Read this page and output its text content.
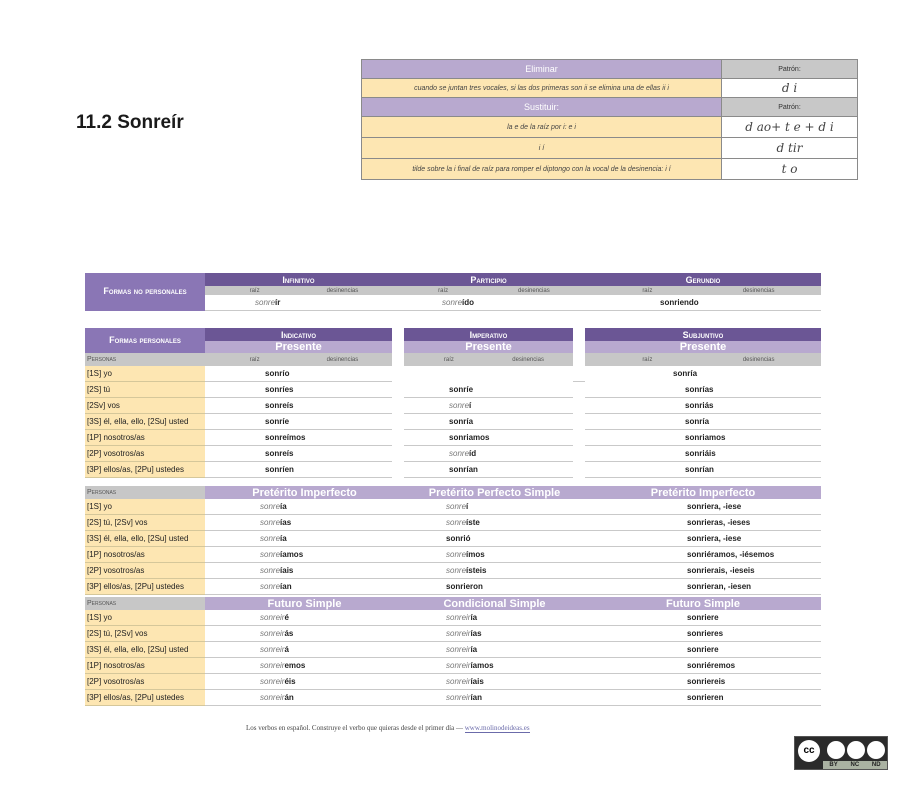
11.2 Sonreír
Eliminar	Patrón:
cuando se juntan tres vocales, si las dos primeras son ii se elimina una de ellas ii i	d i
Sustituir:	Patrón:
la e de la raíz por i: e i	d ao+ t e + d i
i í	d tir
tilde sobre la i final de raíz para romper el diptongo con la vocal de la desinencia: i í	t o
Formas no personales	Infinitivo	Participio	Gerundio
	raíz desinencias	raíz desinencias	raíz desinencias
	sonreír	sonreído	sonriendo
Formas personales	Indicativo		Imperativo		Subjuntivo
	Presente		Presente		Presente
Personas	raíz desinencias		raíz desinencias		raíz desinencias
[1S] yo	sonrío			sonría	
[2S] tú	sonríes		sonríe		sonrías
[2Sv] vos	sonreís		sonreí		sonriás
[3S] él, ella, ello, [2Su] usted	sonríe		sonría		sonría
[1P] nosotros/as	sonreímos		sonriamos		sonriamos
[2P] vosotros/as	sonreís		sonreíd		sonriáis
[3P] ellos/as, [2Pu] ustedes	sonríen		sonrían		sonrían
Personas	Pretérito Imperfecto	Pretérito Perfecto Simple	Pretérito Imperfecto
[1S] yo	sonreía	sonreí	sonriera, -iese
[2S] tú, [2Sv] vos	sonreías	sonreíste	sonrieras, -ieses
[3S] él, ella, ello, [2Su] usted	sonreía	sonrió	sonriera, -iese
[1P] nosotros/as	sonreíamos	sonreímos	sonriéramos, -iésemos
[2P] vosotros/as	sonreíais	sonreísteis	sonrierais, -ieseis
[3P] ellos/as, [2Pu] ustedes	sonreían	sonrieron	sonrieran, -iesen
Personas	Futuro Simple	Condicional Simple	Futuro Simple
[1S] yo	sonreiré	sonreiría	sonriere
[2S] tú, [2Sv] vos	sonreirás	sonreirías	sonrieres
[3S] él, ella, ello, [2Su] usted	sonreirá	sonreiría	sonriere
[1P] nosotros/as	sonreiremos	sonreiríamos	sonriéremos
[2P] vosotros/as	sonreiréis	sonreiríais	sonriereis
[3P] ellos/as, [2Pu] ustedes	sonreirán	sonreirían	sonrieren
Los verbos en español. Construye el verbo que quieras desde el primer día — www.molinodeideas.es
cc
BY NC ND
